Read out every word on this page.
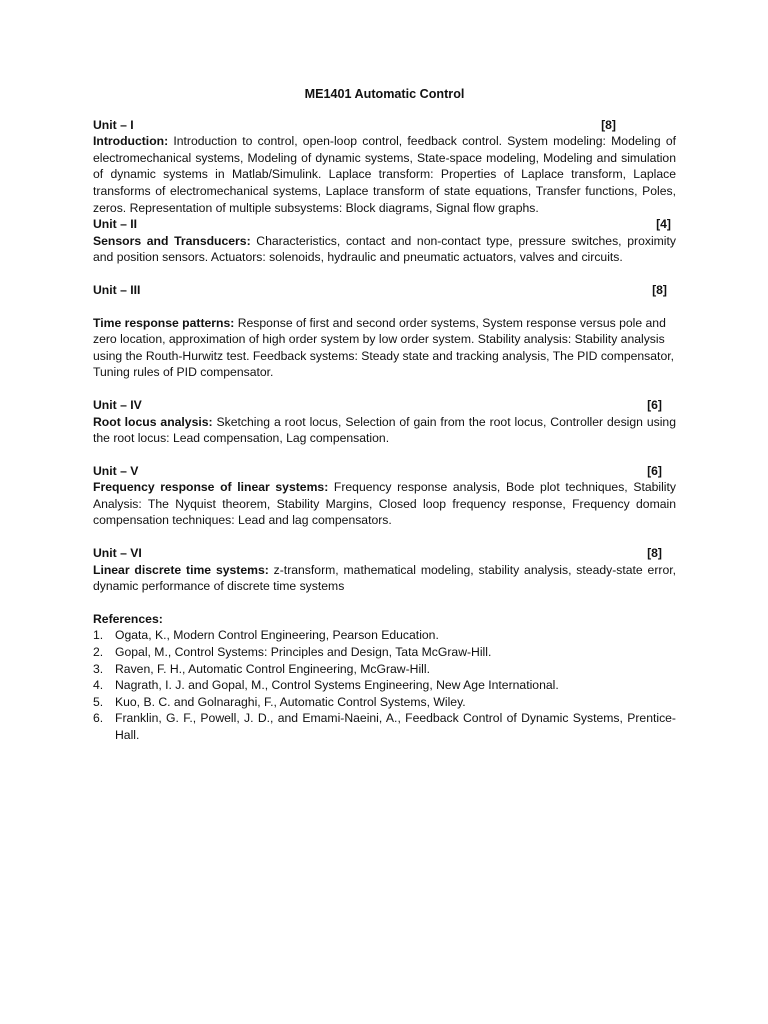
ME1401 Automatic Control
Unit – I	[8]
Introduction: Introduction to control, open-loop control, feedback control. System modeling: Modeling of electromechanical systems, Modeling of dynamic systems, State-space modeling, Modeling and simulation of dynamic systems in Matlab/Simulink. Laplace transform: Properties of Laplace transform, Laplace transforms of electromechanical systems, Laplace transform of state equations, Transfer functions, Poles, zeros. Representation of multiple subsystems: Block diagrams, Signal flow graphs.
Unit – II	[4]
Sensors and Transducers: Characteristics, contact and non-contact type, pressure switches, proximity and position sensors. Actuators: solenoids, hydraulic and pneumatic actuators, valves and circuits.
Unit – III	[8]
Time response patterns: Response of first and second order systems, System response versus pole and zero location, approximation of high order system by low order system. Stability analysis: Stability analysis using the Routh-Hurwitz test. Feedback systems: Steady state and tracking analysis, The PID compensator, Tuning rules of PID compensator.
Unit – IV	[6]
Root locus analysis: Sketching a root locus, Selection of gain from the root locus, Controller design using the root locus: Lead compensation, Lag compensation.
Unit – V	[6]
Frequency response of linear systems: Frequency response analysis, Bode plot techniques, Stability Analysis: The Nyquist theorem, Stability Margins, Closed loop frequency response, Frequency domain compensation techniques: Lead and lag compensators.
Unit – VI	[8]
Linear discrete time systems: z-transform, mathematical modeling, stability analysis, steady-state error, dynamic performance of discrete time systems
References:
1. Ogata, K., Modern Control Engineering, Pearson Education.
2. Gopal, M., Control Systems: Principles and Design, Tata McGraw-Hill.
3. Raven, F. H., Automatic Control Engineering, McGraw-Hill.
4. Nagrath, I. J. and Gopal, M., Control Systems Engineering, New Age International.
5. Kuo, B. C. and Golnaraghi, F., Automatic Control Systems, Wiley.
6. Franklin, G. F., Powell, J. D., and Emami-Naeini, A., Feedback Control of Dynamic Systems, Prentice-Hall.
